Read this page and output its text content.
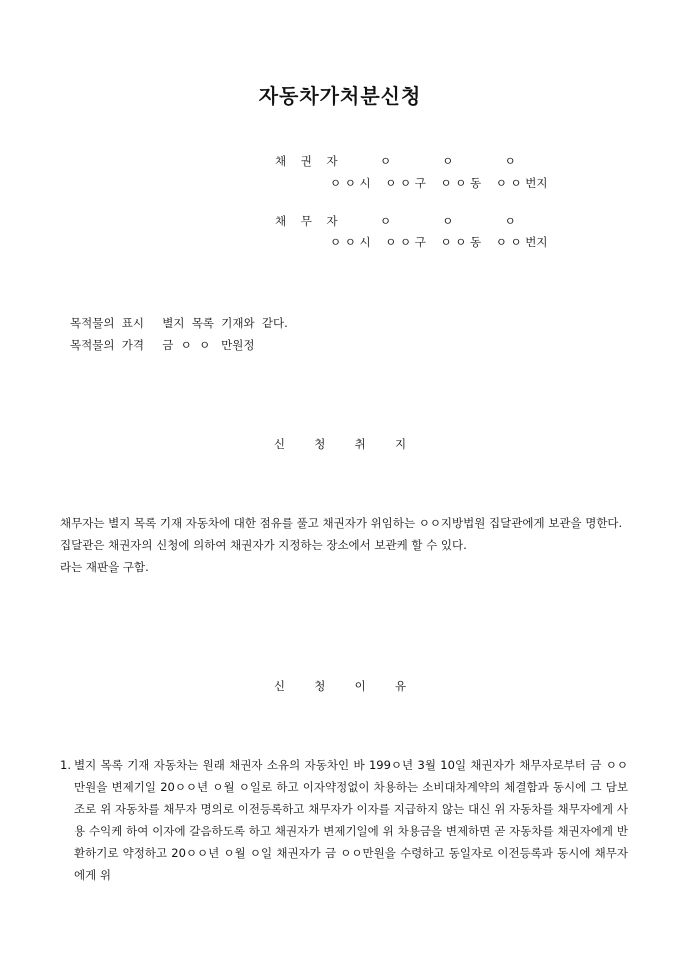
자동차가처분신청
채    권    자	ㅇ              ㅇ              ㅇ
ㅇ ㅇ 시    ㅇ ㅇ 구    ㅇ ㅇ 동    ㅇ ㅇ 번지
채    무    자	ㅇ              ㅇ              ㅇ
ㅇ ㅇ 시    ㅇ ㅇ 구    ㅇ ㅇ 동    ㅇ ㅇ 번지
목적물의  표시     별지  목록  기재와  같다.
목적물의  가격     금  ㅇ  ㅇ   만원정
신        청        취        지

채무자는 별지 목록 기재 자동차에 대한 점유를 풀고 채권자가 위임하는 ㅇㅇ지방법원 집달관에게 보관을 명한다.

집달관은 채권자의 신청에 의하여 채권자가 지정하는 장소에서 보관케 할 수 있다.

라는 재판을 구함.

신        청        이        유
1. 별지 목록 기재 자동차는 원래 채권자 소유의 자동차인 바 199ㅇ년 3월 10일 채권자가 채무자로부터 금 ㅇㅇ만원을 변제기일 20ㅇㅇ년 ㅇ월 ㅇ일로 하고 이자약정없이 차용하는 소비대차계약의 체결함과 동시에 그 담보조로 위 자동차를 채무자 명의로 이전등록하고 채무자가 이자를 지급하지 않는 대신 위 자동차를 채무자에게 사용 수익케 하여 이자에 갈음하도록 하고 채권자가 변제기일에 위 차용금을 변제하면 곧 자동차를 채권자에게 반환하기로 약정하고 20ㅇㅇ년 ㅇ월 ㅇ일 채권자가 금 ㅇㅇ만원을 수령하고 동일자로 이전등록과 동시에 채무자에게 위
